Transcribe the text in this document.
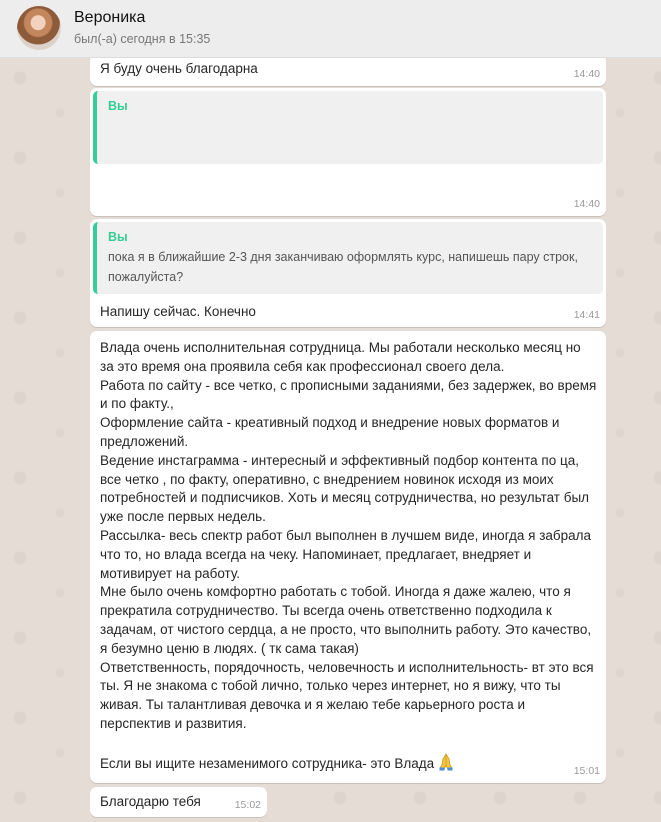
Вероника
был(-а) сегодня в 15:35
Я буду очень благодарна	14:40
Вы
14:40
Вы
пока я в ближайшие 2-3 дня заканчиваю оформлять курс, напишешь пару строк, пожалуйста?
Напишу сейчас. Конечно	14:41
Влада очень исполнительная сотрудница. Мы работали несколько месяц но за это время она проявила себя как профессионал своего дела.
Работа по сайту - все четко, с прописными заданиями, без задержек, во время и по факту.,
Оформление сайта - креативный подход и внедрение новых форматов и предложений.
Ведение инстаграмма - интересный и эффективный подбор контента по ца, все четко , по факту, оперативно, с внедрением новинок исходя из моих потребностей и подписчиков. Хоть и месяц сотрудничества, но результат был уже после первых недель.
Рассылка- весь спектр работ был выполнен в лучшем виде, иногда я забрала что то, но влада всегда на чеку. Напоминает, предлагает, внедряет и мотивирует на работу.
Мне было очень комфортно работать с тобой. Иногда я даже жалею, что я прекратила сотрудничество. Ты всегда очень ответственно подходила к задачам, от чистого сердца, а не просто, что выполнить работу. Это качество, я безумно ценю в людях. ( тк сама такая)
Ответственность, порядочность, человечность и исполнительность- вт это вся ты. Я не знакома с тобой лично, только через интернет, но я вижу, что ты живая. Ты талантливая девочка и я желаю тебе карьерного роста и перспектив и развития.

Если вы ищите незаменимого сотрудника- это Влада
15:01
Благодарю тебя	15:02
